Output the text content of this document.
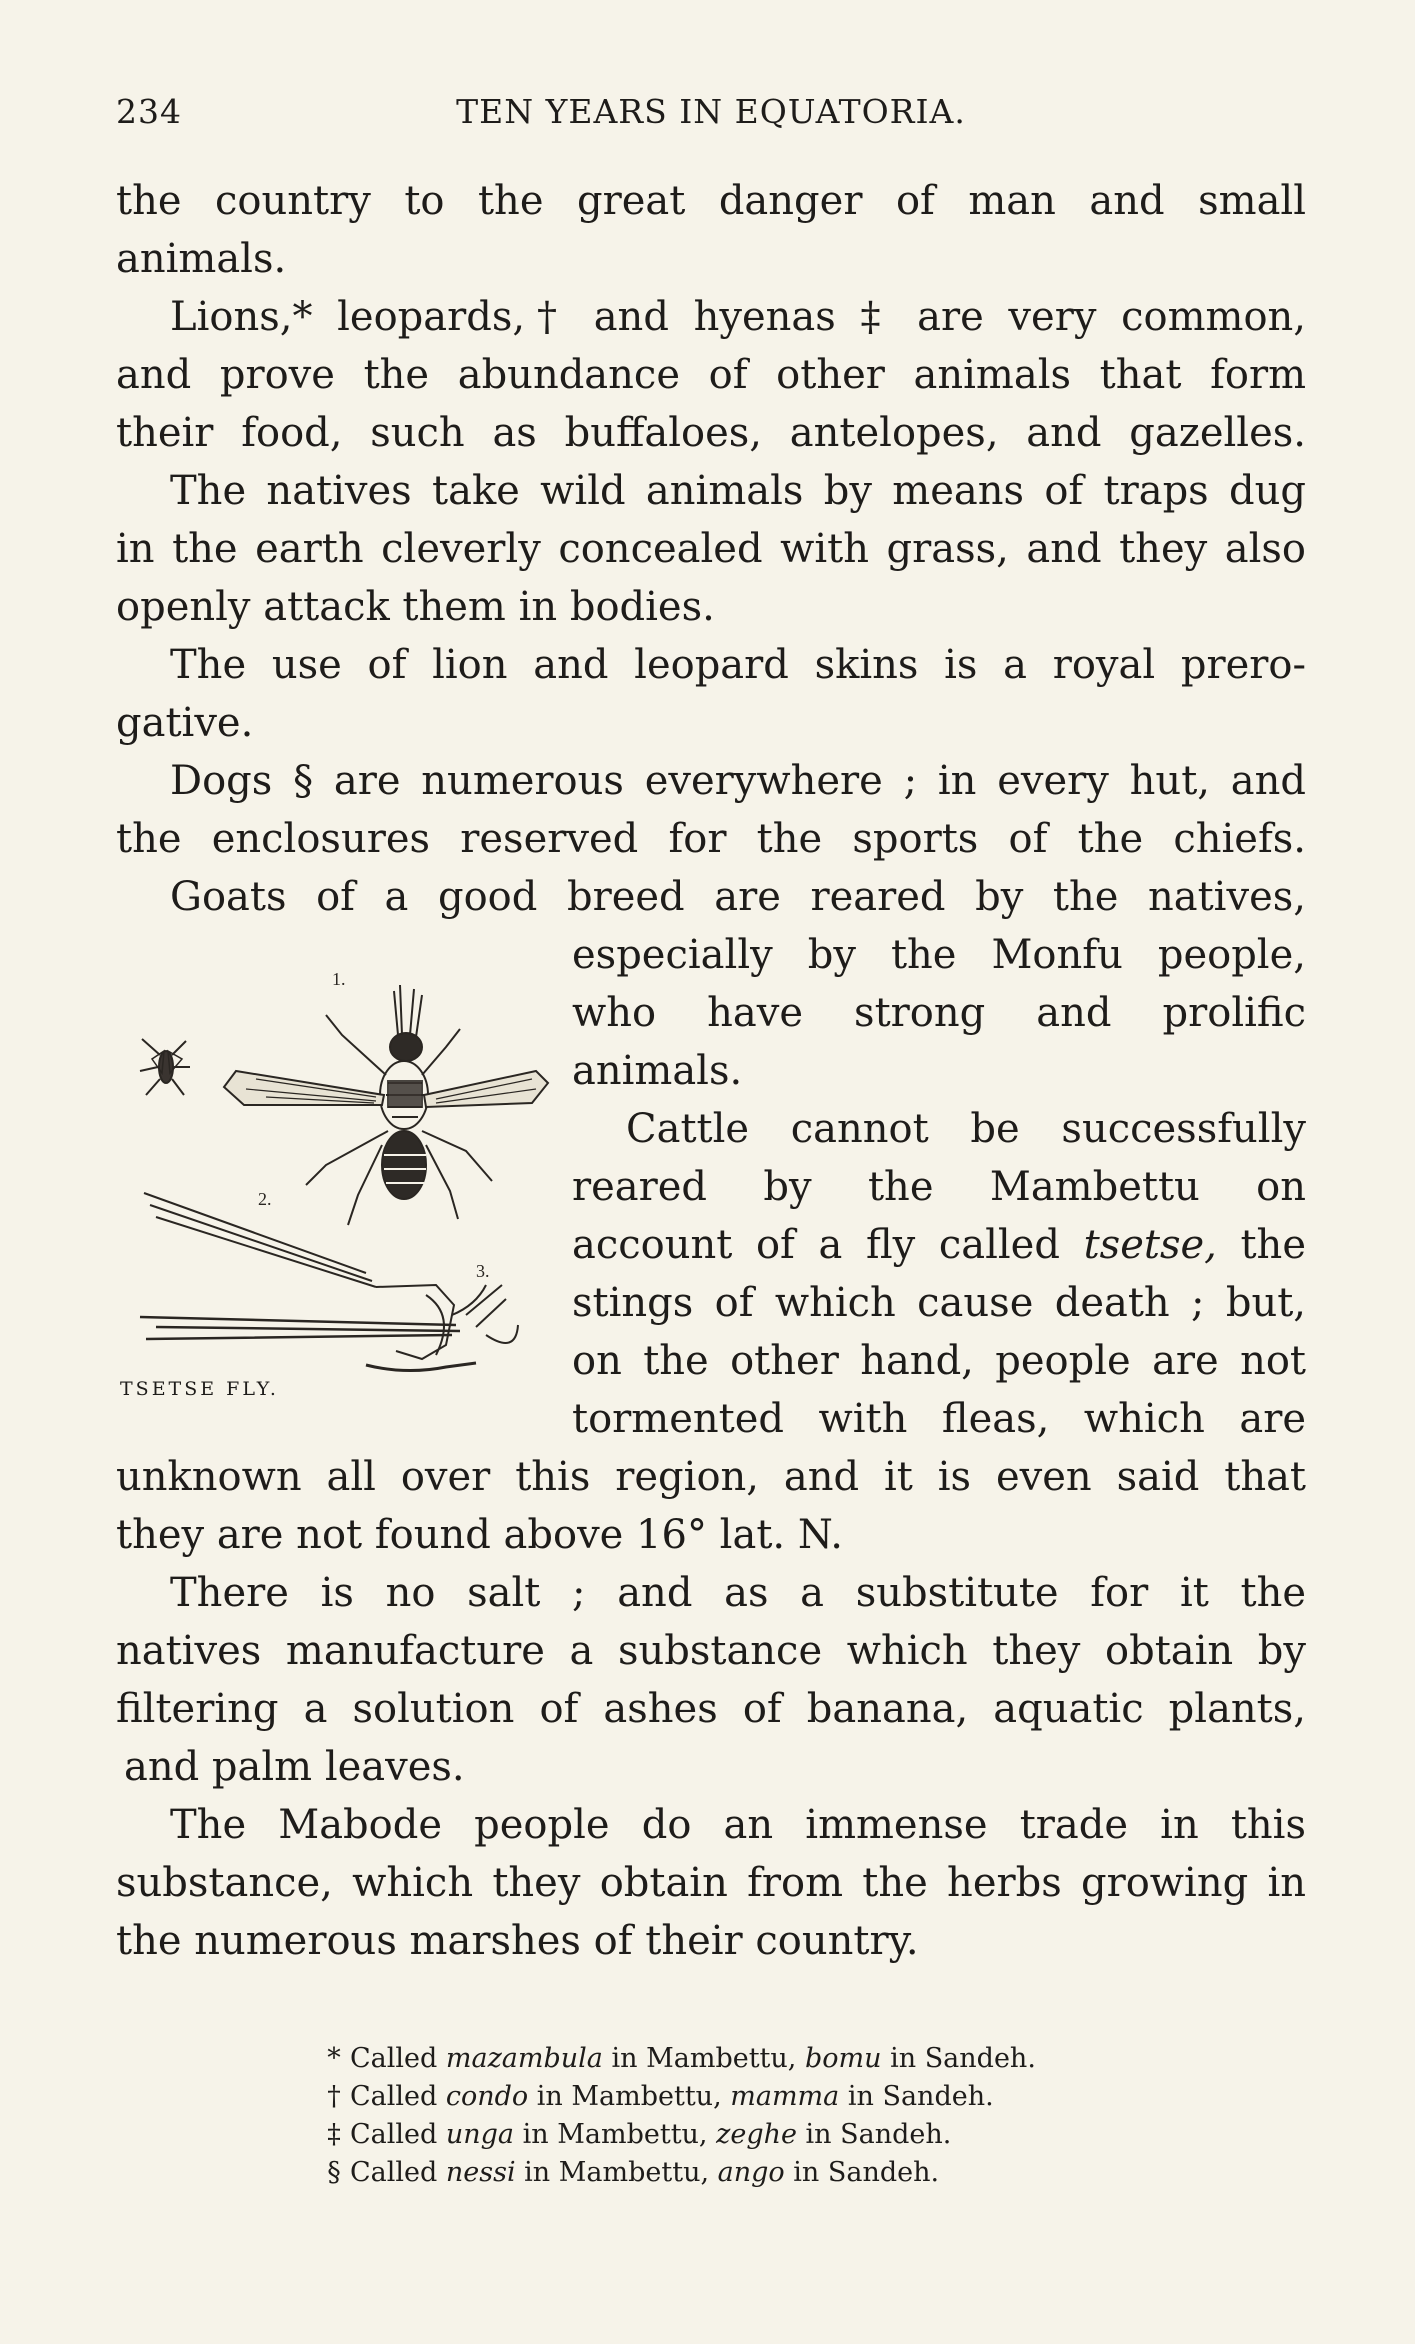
234	TEN YEARS IN EQUATORIA.
the country to the great danger of man and small
animals.
Lions,* leopards,† and hyenas ‡ are very common,
and prove the abundance of other animals that form
their food, such as buffaloes, antelopes, and gazelles.
The natives take wild animals by means of traps dug
in the earth cleverly concealed with grass, and they also
openly attack them in bodies.
The use of lion and leopard skins is a royal prero-
gative.
Dogs § are numerous everywhere ; in every hut, and
the enclosures reserved for the sports of the chiefs.
Goats of a good breed are reared by the natives,
especially by the Monfu people,
who have strong and prolific
animals.
Cattle cannot be successfully
reared by the Mambettu on
account of a fly called tsetse, the
stings of which cause death ; but,
on the other hand, people are not
tormented with fleas, which are
unknown all over this region, and it is even said that
they are not found above 16° lat. N.
There is no salt ; and as a substitute for it the
natives manufacture a substance which they obtain by
filtering a solution of ashes of banana, aquatic plants,
and palm leaves.
The Mabode people do an immense trade in this
substance, which they obtain from the herbs growing in
the numerous marshes of their country.
1.
2.
3.
TSETSE FLY.
* Called mazambula in Mambettu, bomu in Sandeh.
† Called condo in Mambettu, mamma in Sandeh.
‡ Called unga in Mambettu, zeghe in Sandeh.
§ Called nessi in Mambettu, ango in Sandeh.
